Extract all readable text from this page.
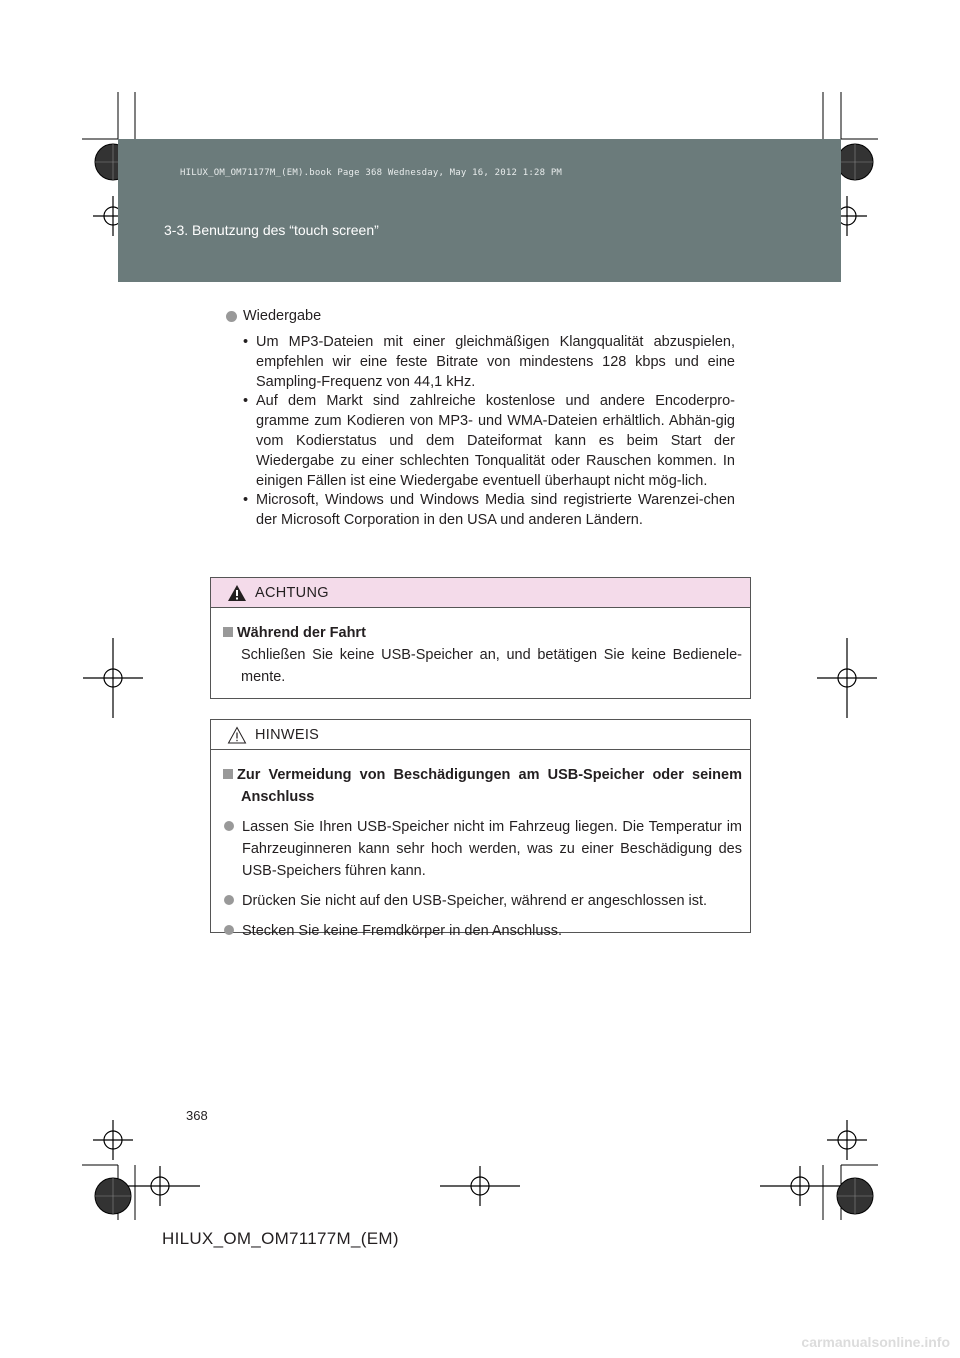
HILUX_OM_OM71177M_(EM).book Page 368 Wednesday, May 16, 2012 1:28 PM
3-3. Benutzung des “touch screen”
Wiedergabe
• Um MP3-Dateien mit einer gleichmäßigen Klangqualität abzuspielen, empfehlen wir eine feste Bitrate von mindestens 128 kbps und eine Sampling-Frequenz von 44,1 kHz.
• Auf dem Markt sind zahlreiche kostenlose und andere Encoderpro-gramme zum Kodieren von MP3- und WMA-Dateien erhältlich. Abhän-gig vom Kodierstatus und dem Dateiformat kann es beim Start der Wiedergabe zu einer schlechten Tonqualität oder Rauschen kommen. In einigen Fällen ist eine Wiedergabe eventuell überhaupt nicht mög-lich.
• Microsoft, Windows und Windows Media sind registrierte Warenzei-chen der Microsoft Corporation in den USA und anderen Ländern.
ACHTUNG
Während der Fahrt
Schließen Sie keine USB-Speicher an, und betätigen Sie keine Bedienele-mente.
HINWEIS
Zur Vermeidung von Beschädigungen am USB-Speicher oder seinem Anschluss
Lassen Sie Ihren USB-Speicher nicht im Fahrzeug liegen. Die Temperatur im Fahrzeuginneren kann sehr hoch werden, was zu einer Beschädigung des USB-Speichers führen kann.
Drücken Sie nicht auf den USB-Speicher, während er angeschlossen ist.
Stecken Sie keine Fremdkörper in den Anschluss.
368
HILUX_OM_OM71177M_(EM)
carmanualsonline.info
